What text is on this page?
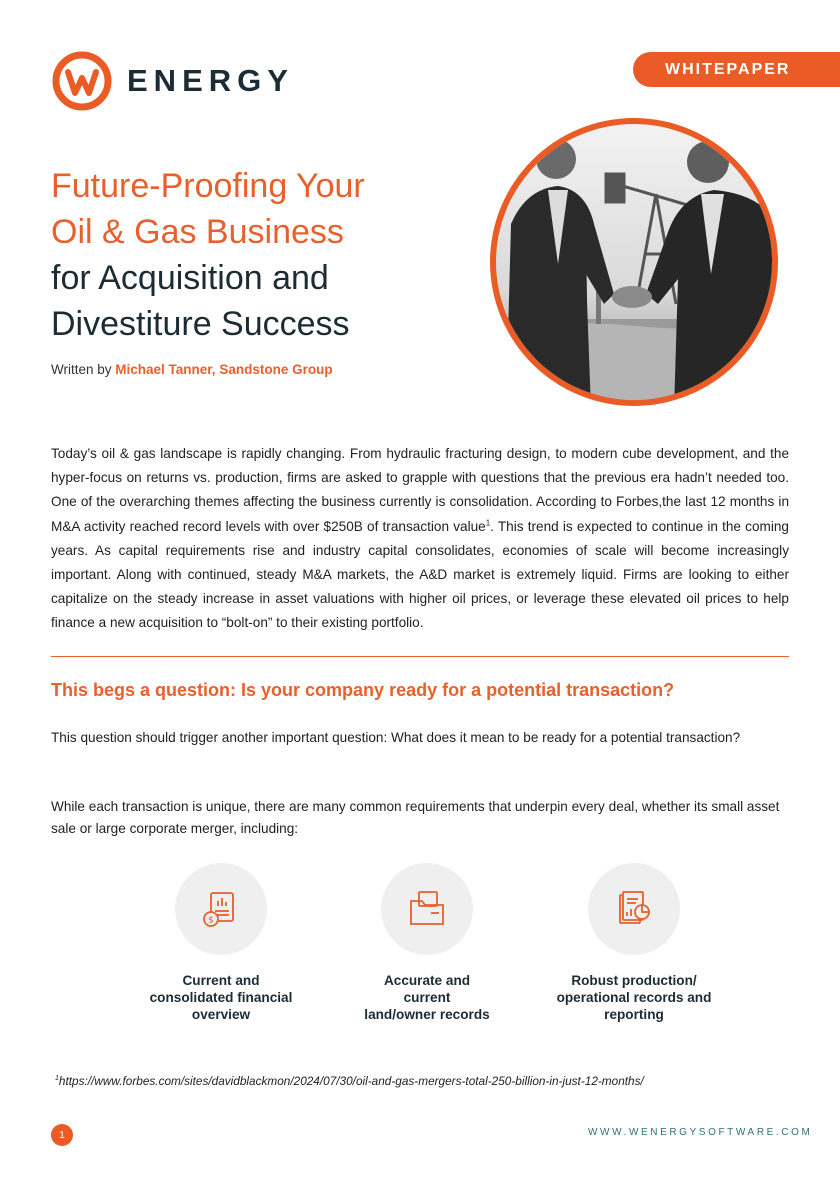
ENERGY	WHITEPAPER
Future-Proofing Your
Oil & Gas Business
for Acquisition and
Divestiture Success
Written by Michael Tanner, Sandstone Group

Today’s oil & gas landscape is rapidly changing. From hydraulic fracturing design, to modern cube development, and the hyper-focus on returns vs. production, firms are asked to grapple with questions that the previous era hadn’t needed too. One of the overarching themes affecting the business currently is consolidation. According to Forbes,the last 12 months in M&A activity reached record levels with over $250B of transaction value$^1$. This trend is expected to continue in the coming years. As capital requirements rise and industry capital consolidates, economies of scale will become increasingly important. Along with continued, steady M&A markets, the A&D market is extremely liquid. Firms are looking to either capitalize on the steady increase in asset valuations with higher oil prices, or leverage these elevated oil prices to help finance a new acquisition to “bolt-on” to their existing portfolio.

This begs a question: Is your company ready for a potential transaction?

This question should trigger another important question: What does it mean to be ready for a potential transaction?

While each transaction is unique, there are many common requirements that underpin every deal, whether its small asset sale or large corporate merger, including:

$
Current and
consolidated financial
overview
Accurate and
current
land/owner records
Robust production/
operational records and
reporting
$^1$https://www.forbes.com/sites/davidblackmon/2024/07/30/oil-and-gas-mergers-total-250-billion-in-just-12-months/
1	WWW.WENERGYSOFTWARE.COM
